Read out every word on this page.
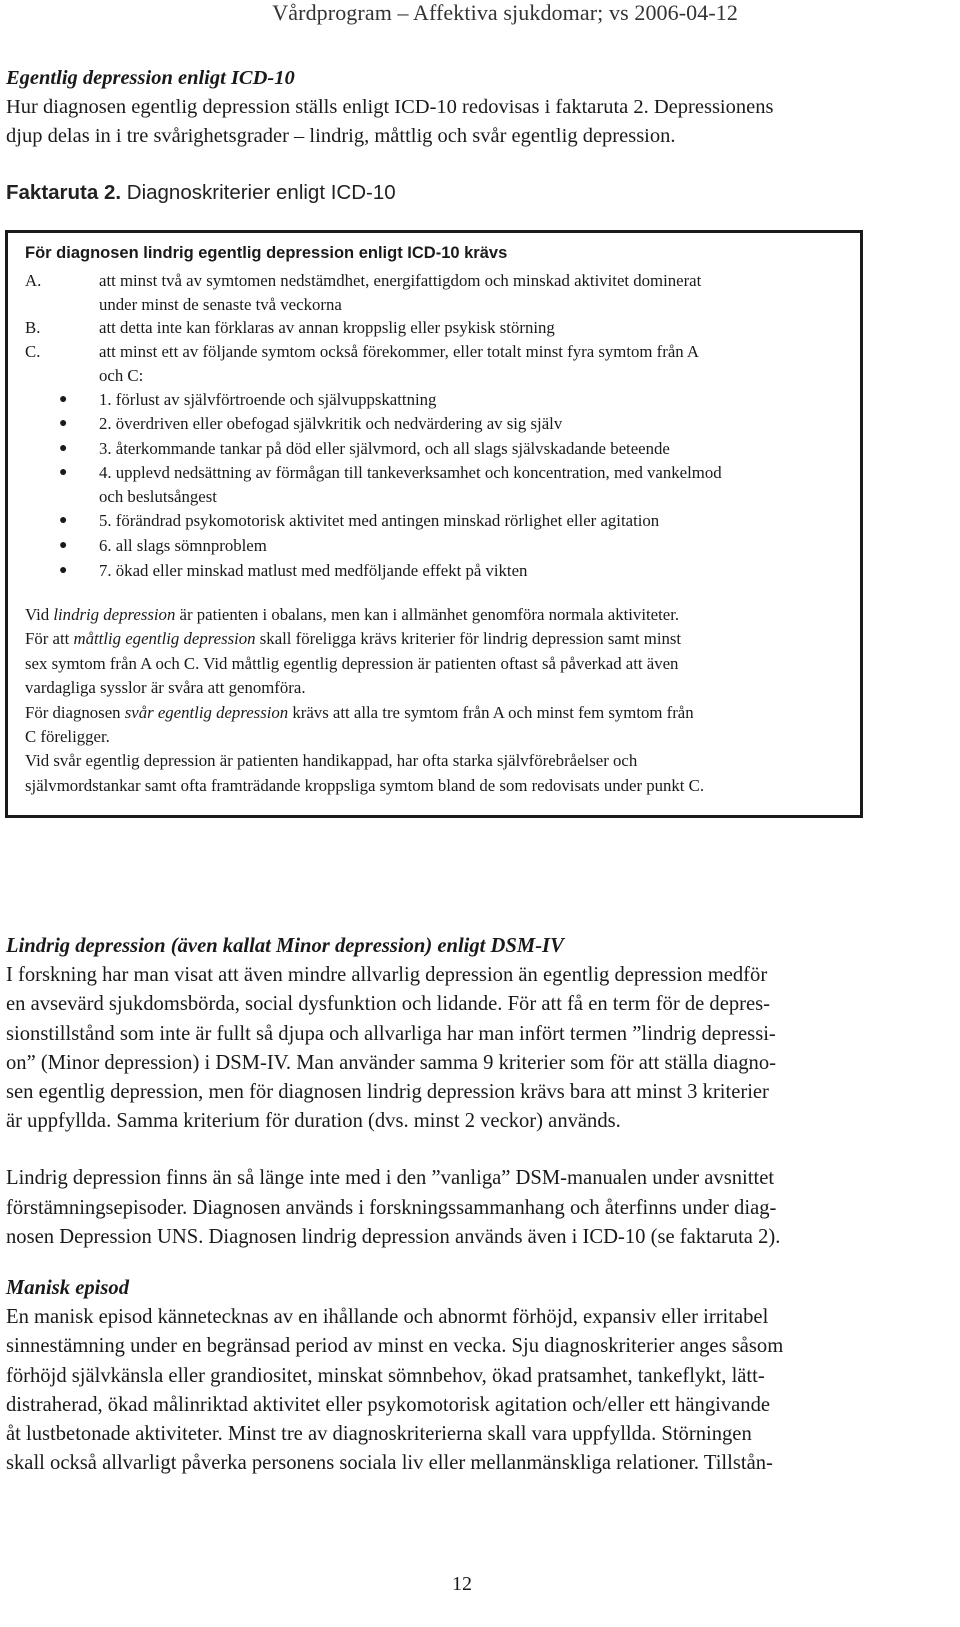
Vårdprogram – Affektiva sjukdomar; vs 2006-04-12
Egentlig depression enligt ICD-10
Hur diagnosen egentlig depression ställs enligt ICD-10 redovisas i faktaruta 2. Depressionens
djup delas in i tre svårighetsgrader – lindrig, måttlig och svår egentlig depression.
Faktaruta 2. Diagnoskriterier enligt ICD-10
För diagnosen lindrig egentlig depression enligt ICD-10 krävs
A.	att minst två av symtomen nedstämdhet, energifattigdom och minskad aktivitet dominerat
under minst de senaste två veckorna
B.	att detta inte kan förklaras av annan kroppslig eller psykisk störning
C.	att minst ett av följande symtom också förekommer, eller totalt minst fyra symtom från A
och C:
● 1. förlust av självförtroende och självuppskattning
● 2. överdriven eller obefogad självkritik och nedvärdering av sig själv
● 3. återkommande tankar på död eller självmord, och all slags självskadande beteende
● 4. upplevd nedsättning av förmågan till tankeverksamhet och koncentration, med vankelmod
och beslutsångest
● 5. förändrad psykomotorisk aktivitet med antingen minskad rörlighet eller agitation
● 6. all slags sömnproblem
● 7. ökad eller minskad matlust med medföljande effekt på vikten

Vid lindrig depression är patienten i obalans, men kan i allmänhet genomföra normala aktiviteter.

För att måttlig egentlig depression skall föreligga krävs kriterier för lindrig depression samt minst

sex symtom från A och C. Vid måttlig egentlig depression är patienten oftast så påverkad att även

vardagliga sysslor är svåra att genomföra.

För diagnosen svår egentlig depression krävs att alla tre symtom från A och minst fem symtom från

C föreligger.

Vid svår egentlig depression är patienten handikappad, har ofta starka självförebråelser och

självmordstankar samt ofta framträdande kroppsliga symtom bland de som redovisats under punkt C.

Lindrig depression (även kallat Minor depression) enligt DSM-IV

I forskning har man visat att även mindre allvarlig depression än egentlig depression medför

en avsevärd sjukdomsbörda, social dysfunktion och lidande. För att få en term för de depres-

sionstillstånd som inte är fullt så djupa och allvarliga har man infört termen ”lindrig depressi-

on” (Minor depression) i DSM-IV. Man använder samma 9 kriterier som för att ställa diagno-

sen egentlig depression, men för diagnosen lindrig depression krävs bara att minst 3 kriterier

är uppfyllda. Samma kriterium för duration (dvs. minst 2 veckor) används.

Lindrig depression finns än så länge inte med i den ”vanliga” DSM-manualen under avsnittet

förstämningsepisoder. Diagnosen används i forskningssammanhang och återfinns under diag-

nosen Depression UNS. Diagnosen lindrig depression används även i ICD-10 (se faktaruta 2).

Manisk episod

En manisk episod kännetecknas av en ihållande och abnormt förhöjd, expansiv eller irritabel

sinnestämning under en begränsad period av minst en vecka. Sju diagnoskriterier anges såsom

förhöjd självkänsla eller grandiositet, minskat sömnbehov, ökad pratsamhet, tankeflykt, lätt-

distraherad, ökad målinriktad aktivitet eller psykomotorisk agitation och/eller ett hängivande

åt lustbetonade aktiviteter. Minst tre av diagnoskriterierna skall vara uppfyllda. Störningen

skall också allvarligt påverka personens sociala liv eller mellanmänskliga relationer. Tillstån-

12
